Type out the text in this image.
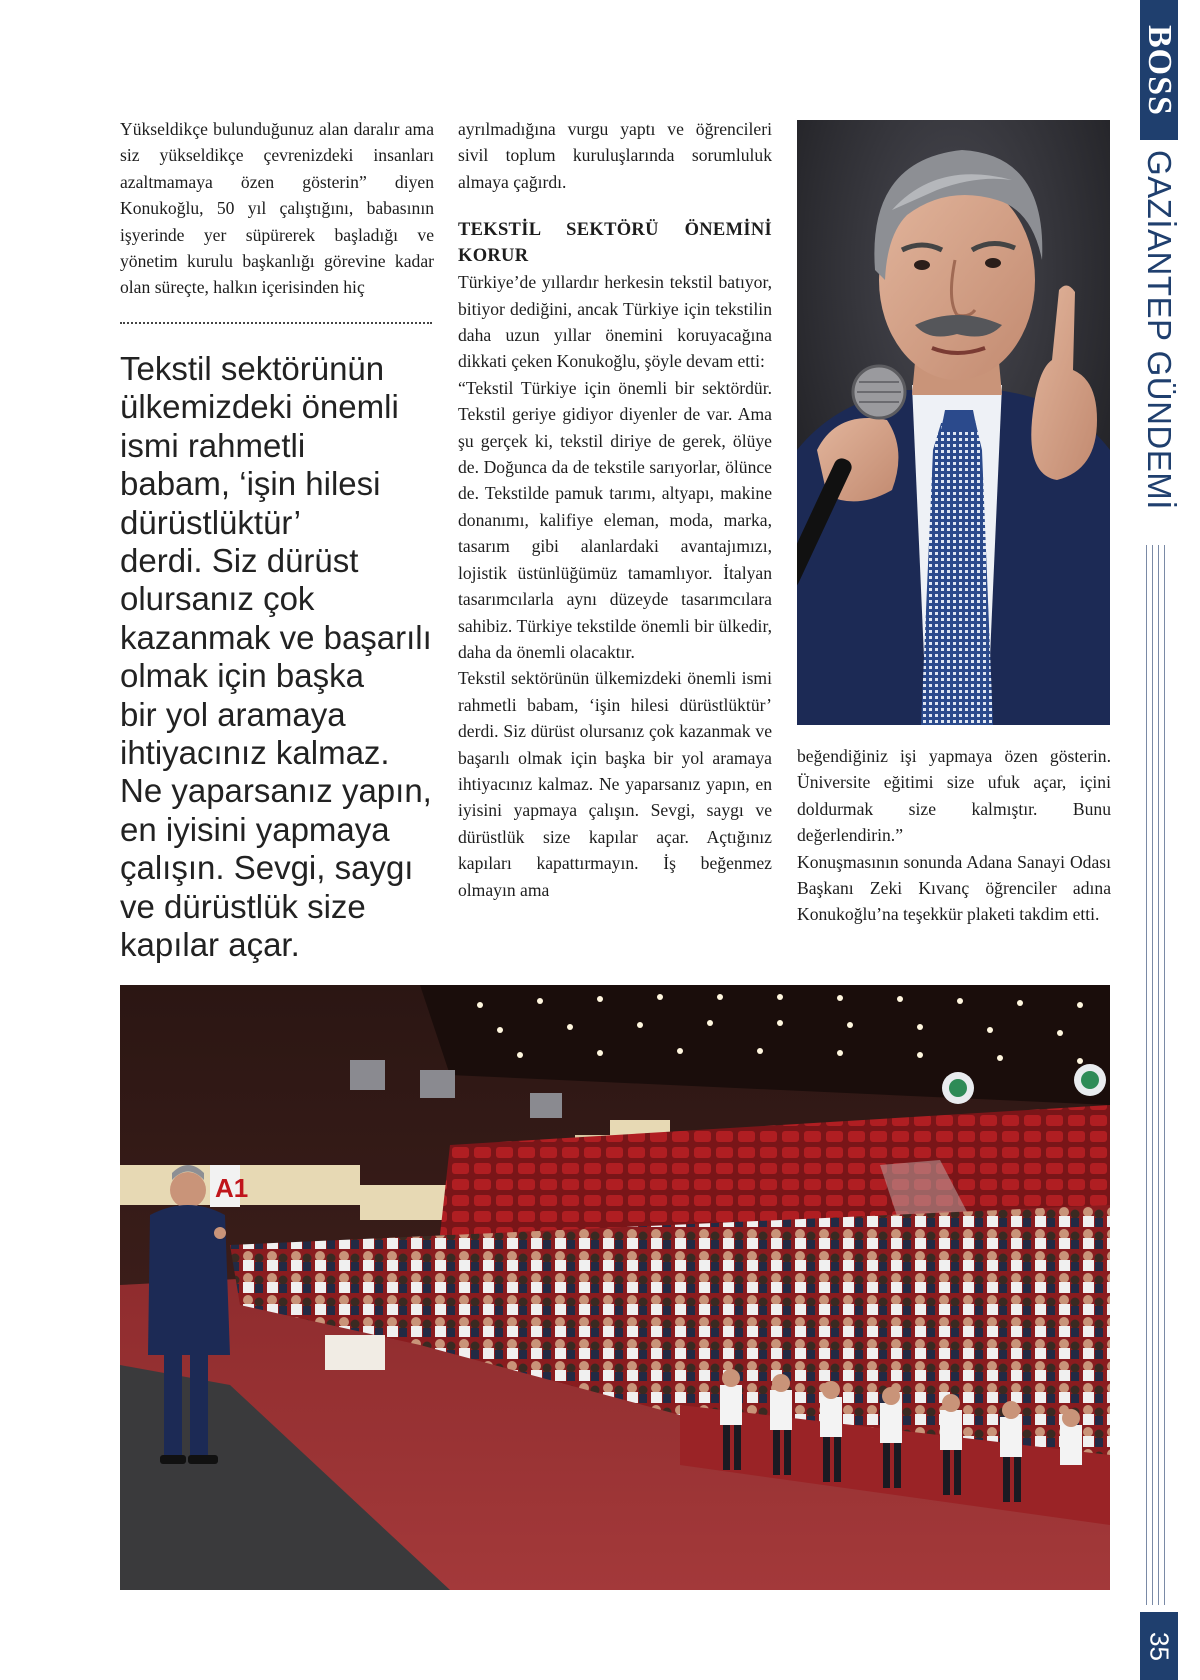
BOSS
GAZİANTEP GÜNDEMİ
35

Yükseldikçe bulunduğunuz alan daralır ama siz yükseldikçe çevrenizdeki insanları azaltmamaya özen gösterin” diyen Konukoğlu, 50 yıl çalıştığını, babasının işyerinde yer süpürerek başladığı ve yönetim kurulu başkanlığı görevine kadar olan süreçte, halkın içerisinden hiç

Tekstil sektörünün
ülkemizdeki önemli
ismi rahmetli
babam, ‘işin hilesi
dürüstlüktür’
derdi. Siz dürüst
olursanız çok
kazanmak ve başarılı
olmak için başka
bir yol aramaya
ihtiyacınız kalmaz.
Ne yaparsanız yapın,
en iyisini yapmaya
çalışın. Sevgi, saygı
ve dürüstlük size
kapılar açar.

ayrılmadığına vurgu yaptı ve öğrencileri sivil toplum kuruluşlarında sorumluluk almaya çağırdı.

TEKSTİL SEKTÖRÜ ÖNEMİNİ KORUR

Türkiye’de yıllardır herkesin tekstil batıyor, bitiyor dediğini, ancak Türkiye için tekstilin daha uzun yıllar önemini koruyacağına dikkati çeken Konukoğlu, şöyle devam etti:

“Tekstil Türkiye için önemli bir sektördür. Tekstil geriye gidiyor diyenler de var. Ama şu gerçek ki, tekstil diriye de gerek, ölüye de. Doğunca da de tekstile sarıyorlar, ölünce de. Tekstilde pamuk tarımı, altyapı, makine donanımı, kalifiye eleman, moda, marka, tasarım gibi alanlardaki avantajımızı, lojistik üstünlüğümüz tamamlıyor. İtalyan tasarımcılarla aynı düzeyde tasarımcılara sahibiz. Türkiye tekstilde önemli bir ülkedir, daha da önemli olacaktır.

Tekstil sektörünün ülkemizdeki önemli ismi rahmetli babam, ‘işin hilesi dürüstlüktür’ derdi. Siz dürüst olursanız çok kazanmak ve başarılı olmak için başka bir yol aramaya ihtiyacınız kalmaz. Ne yaparsanız yapın, en iyisini yapmaya çalışın. Sevgi, saygı ve dürüstlük size kapılar açar. Açtığınız kapıları kapattırmayın. İş beğenmez olmayın ama

beğendiğiniz işi yapmaya özen gösterin. Üniversite eğitimi size ufuk açar, içini doldurmak size kalmıştır. Bunu değerlendirin.”

Konuşmasının sonunda Adana Sanayi Odası Başkanı Zeki Kıvanç öğrenciler adına Konukoğlu’na teşekkür plaketi takdim etti.

A1
